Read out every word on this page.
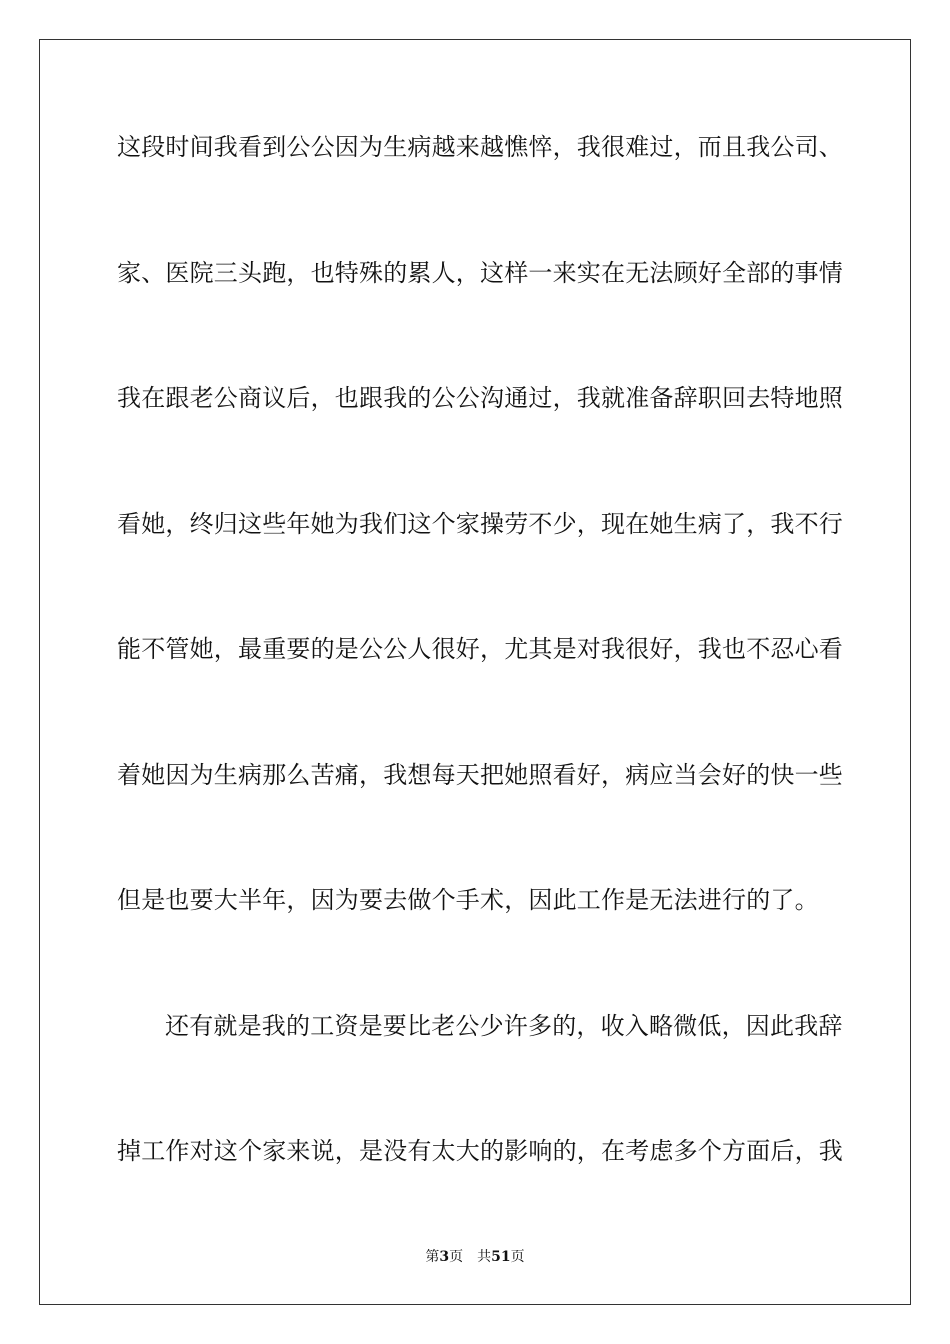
这段时间我看到公公因为生病越来越憔悴，我很难过，而且我公司、
家、医院三头跑，也特殊的累人，这样一来实在无法顾好全部的事情
我在跟老公商议后，也跟我的公公沟通过，我就准备辞职回去特地照
看她，终归这些年她为我们这个家操劳不少，现在她生病了，我不行
能不管她，最重要的是公公人很好，尤其是对我很好，我也不忍心看
着她因为生病那么苦痛，我想每天把她照看好，病应当会好的快一些
但是也要大半年，因为要去做个手术，因此工作是无法进行的了。
还有就是我的工资是要比老公少许多的，收入略微低，因此我辞
掉工作对这个家来说，是没有太大的影响的，在考虑多个方面后，我
第3页 共51页
